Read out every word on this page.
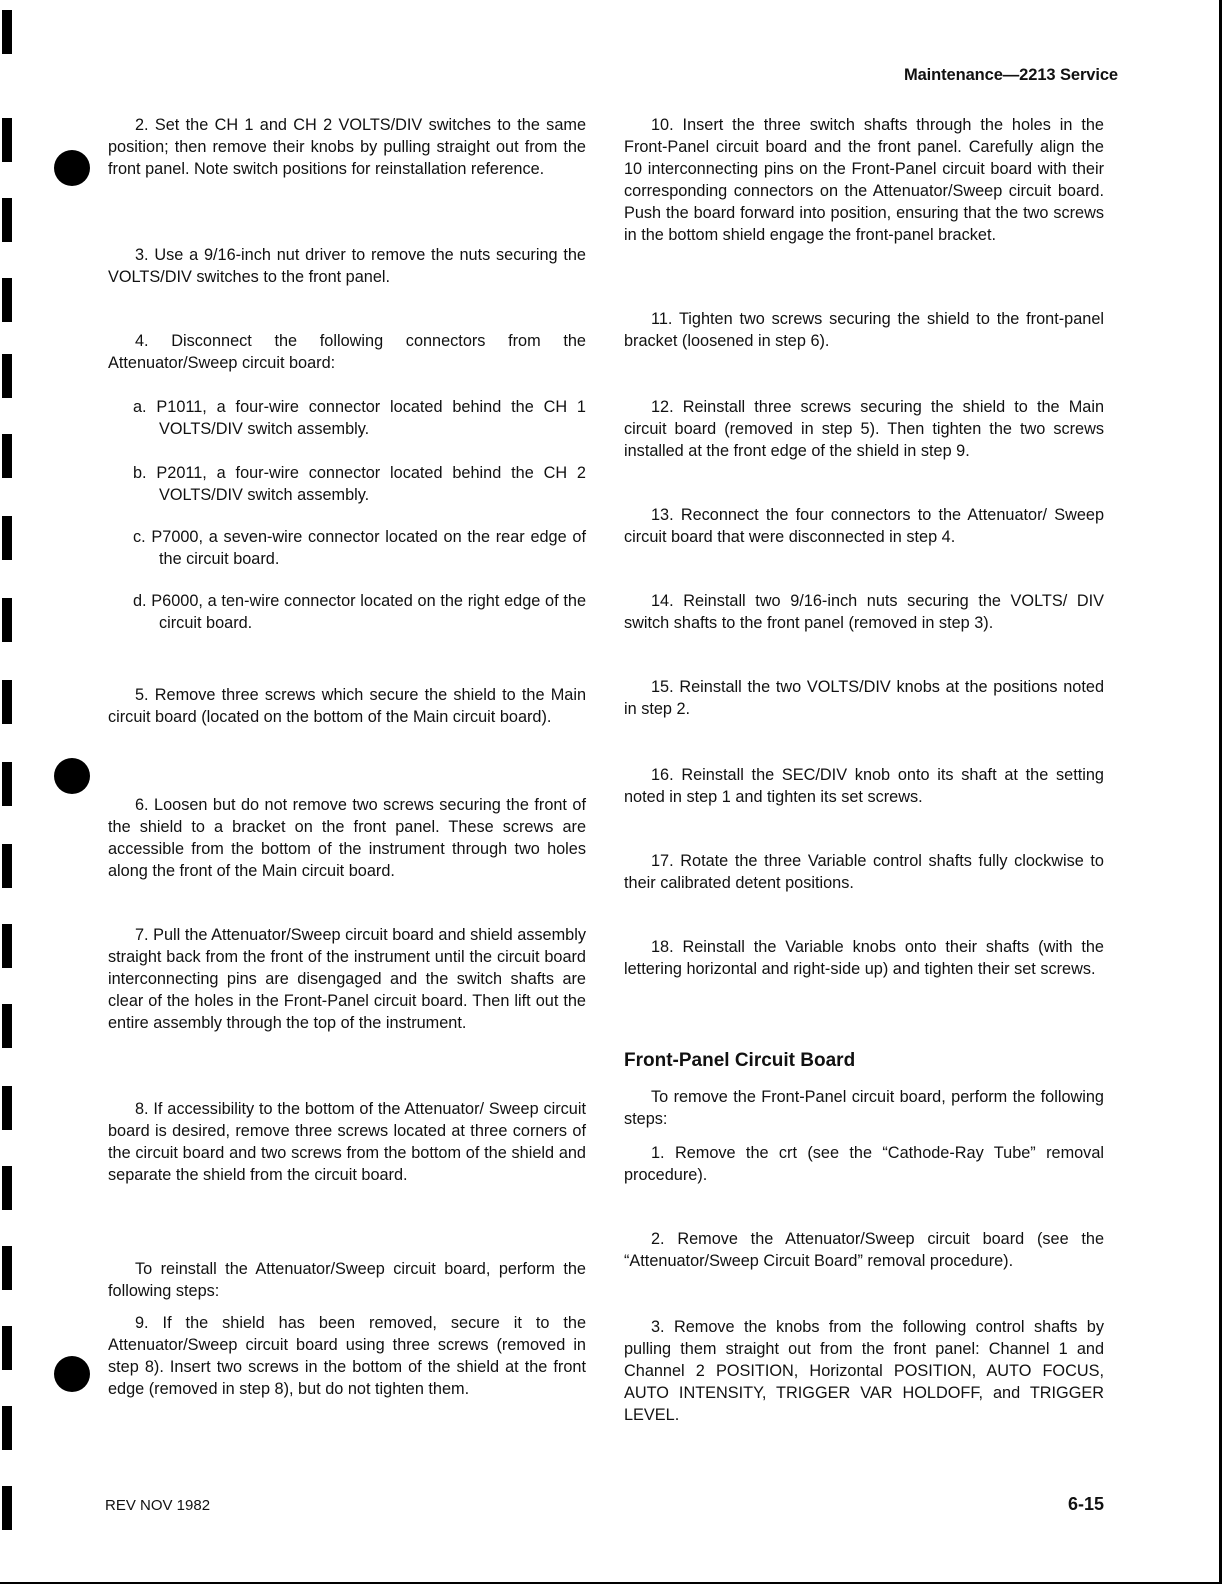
Maintenance—2213 Service
2. Set the CH 1 and CH 2 VOLTS/DIV switches to the same position; then remove their knobs by pulling straight out from the front panel. Note switch positions for reinstallation reference.
3. Use a 9/16-inch nut driver to remove the nuts securing the VOLTS/DIV switches to the front panel.
4. Disconnect the following connectors from the Attenuator/Sweep circuit board:
a. P1011, a four-wire connector located behind the CH 1 VOLTS/DIV switch assembly.
b. P2011, a four-wire connector located behind the CH 2 VOLTS/DIV switch assembly.
c. P7000, a seven-wire connector located on the rear edge of the circuit board.
d. P6000, a ten-wire connector located on the right edge of the circuit board.
5. Remove three screws which secure the shield to the Main circuit board (located on the bottom of the Main circuit board).
6. Loosen but do not remove two screws securing the front of the shield to a bracket on the front panel. These screws are accessible from the bottom of the instrument through two holes along the front of the Main circuit board.
7. Pull the Attenuator/Sweep circuit board and shield assembly straight back from the front of the instrument until the circuit board interconnecting pins are disengaged and the switch shafts are clear of the holes in the Front-Panel circuit board. Then lift out the entire assembly through the top of the instrument.
8. If accessibility to the bottom of the Attenuator/ Sweep circuit board is desired, remove three screws located at three corners of the circuit board and two screws from the bottom of the shield and separate the shield from the circuit board.
To reinstall the Attenuator/Sweep circuit board, perform the following steps:
9. If the shield has been removed, secure it to the Attenuator/Sweep circuit board using three screws (removed in step 8). Insert two screws in the bottom of the shield at the front edge (removed in step 8), but do not tighten them.
10. Insert the three switch shafts through the holes in the Front-Panel circuit board and the front panel. Carefully align the 10 interconnecting pins on the Front-Panel circuit board with their corresponding connectors on the Attenuator/Sweep circuit board. Push the board forward into position, ensuring that the two screws in the bottom shield engage the front-panel bracket.
11. Tighten two screws securing the shield to the front-panel bracket (loosened in step 6).
12. Reinstall three screws securing the shield to the Main circuit board (removed in step 5). Then tighten the two screws installed at the front edge of the shield in step 9.
13. Reconnect the four connectors to the Attenuator/ Sweep circuit board that were disconnected in step 4.
14. Reinstall two 9/16-inch nuts securing the VOLTS/ DIV switch shafts to the front panel (removed in step 3).
15. Reinstall the two VOLTS/DIV knobs at the positions noted in step 2.
16. Reinstall the SEC/DIV knob onto its shaft at the setting noted in step 1 and tighten its set screws.
17. Rotate the three Variable control shafts fully clockwise to their calibrated detent positions.
18. Reinstall the Variable knobs onto their shafts (with the lettering horizontal and right-side up) and tighten their set screws.
Front-Panel Circuit Board
To remove the Front-Panel circuit board, perform the following steps:
1. Remove the crt (see the “Cathode-Ray Tube” removal procedure).
2. Remove the Attenuator/Sweep circuit board (see the “Attenuator/Sweep Circuit Board” removal procedure).
3. Remove the knobs from the following control shafts by pulling them straight out from the front panel: Channel 1 and Channel 2 POSITION, Horizontal POSITION, AUTO FOCUS, AUTO INTENSITY, TRIGGER VAR HOLDOFF, and TRIGGER LEVEL.
REV NOV 1982	6-15
